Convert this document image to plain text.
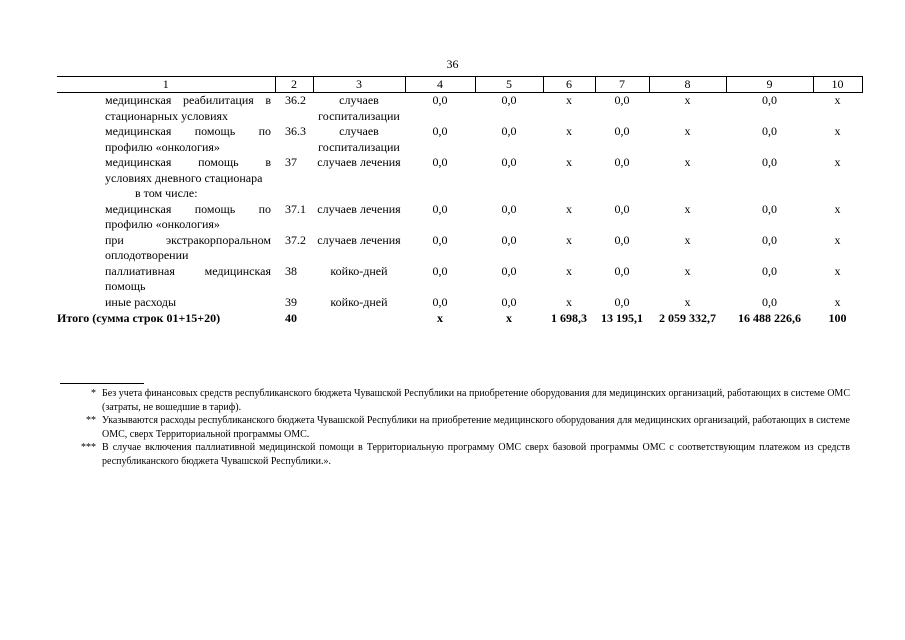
36
1	2	3	4	5	6	7	8	9	10
медицинская реабилитация в стационарных условиях	36.2	случаев госпитализации	0,0	0,0	х	0,0	х	0,0	х
медицинская помощь по профилю «онкология»	36.3	случаев госпитализации	0,0	0,0	х	0,0	х	0,0	х
медицинская помощь в условиях дневного стационара	37	случаев лечения	0,0	0,0	х	0,0	х	0,0	х
в том числе:									
медицинская помощь по профилю «онкология»	37.1	случаев лечения	0,0	0,0	х	0,0	х	0,0	х
при экстракорпоральном оплодотворении	37.2	случаев лечения	0,0	0,0	х	0,0	х	0,0	х
паллиативная медицинская помощь	38	койко-дней	0,0	0,0	х	0,0	х	0,0	х
иные расходы	39	койко-дней	0,0	0,0	х	0,0	х	0,0	х
Итого (сумма строк 01+15+20)	40		х	х	1 698,3	13 195,1	2 059 332,7	16 488 226,6	100
* Без учета финансовых средств республиканского бюджета Чувашской Республики на приобретение оборудования для медицинских организаций, работающих в системе ОМС (затраты, не вошедшие в тариф).
** Указываются расходы республиканского бюджета Чувашской Республики на приобретение медицинского оборудования для медицинских организаций, работающих в системе ОМС, сверх Территориальной программы ОМС.
*** В случае включения паллиативной медицинской помощи в Территориальную программу ОМС сверх базовой программы ОМС с соответствующим платежом из средств республиканского бюджета Чувашской Республики.».
